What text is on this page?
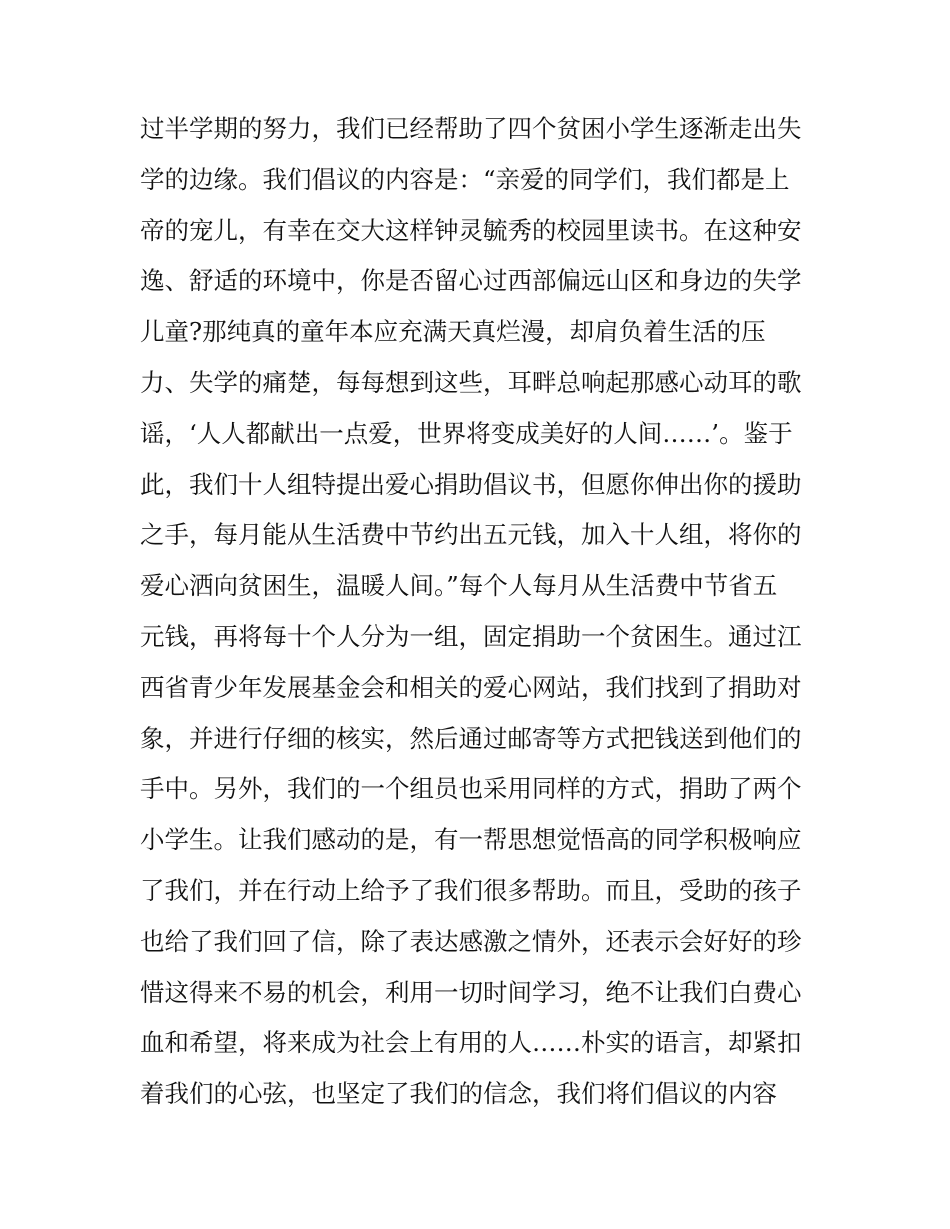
过半学期的努力，我们已经帮助了四个贫困小学生逐渐走出失
学的边缘。我们倡议的内容是：“亲爱的同学们，我们都是上
帝的宠儿，有幸在交大这样钟灵毓秀的校园里读书。在这种安
逸、舒适的环境中，你是否留心过西部偏远山区和身边的失学
儿童?那纯真的童年本应充满天真烂漫，却肩负着生活的压
力、失学的痛楚，每每想到这些，耳畔总响起那感心动耳的歌
谣，‘人人都献出一点爱，世界将变成美好的人间……’。鉴于
此，我们十人组特提出爱心捐助倡议书，但愿你伸出你的援助
之手，每月能从生活费中节约出五元钱，加入十人组，将你的
爱心洒向贫困生，温暖人间。”每个人每月从生活费中节省五
元钱，再将每十个人分为一组，固定捐助一个贫困生。通过江
西省青少年发展基金会和相关的爱心网站，我们找到了捐助对
象，并进行仔细的核实，然后通过邮寄等方式把钱送到他们的
手中。另外，我们的一个组员也采用同样的方式，捐助了两个
小学生。让我们感动的是，有一帮思想觉悟高的同学积极响应
了我们，并在行动上给予了我们很多帮助。而且，受助的孩子
也给了我们回了信，除了表达感激之情外，还表示会好好的珍
惜这得来不易的机会，利用一切时间学习，绝不让我们白费心
血和希望，将来成为社会上有用的人……朴实的语言，却紧扣
着我们的心弦，也坚定了我们的信念，我们将们倡议的内容
